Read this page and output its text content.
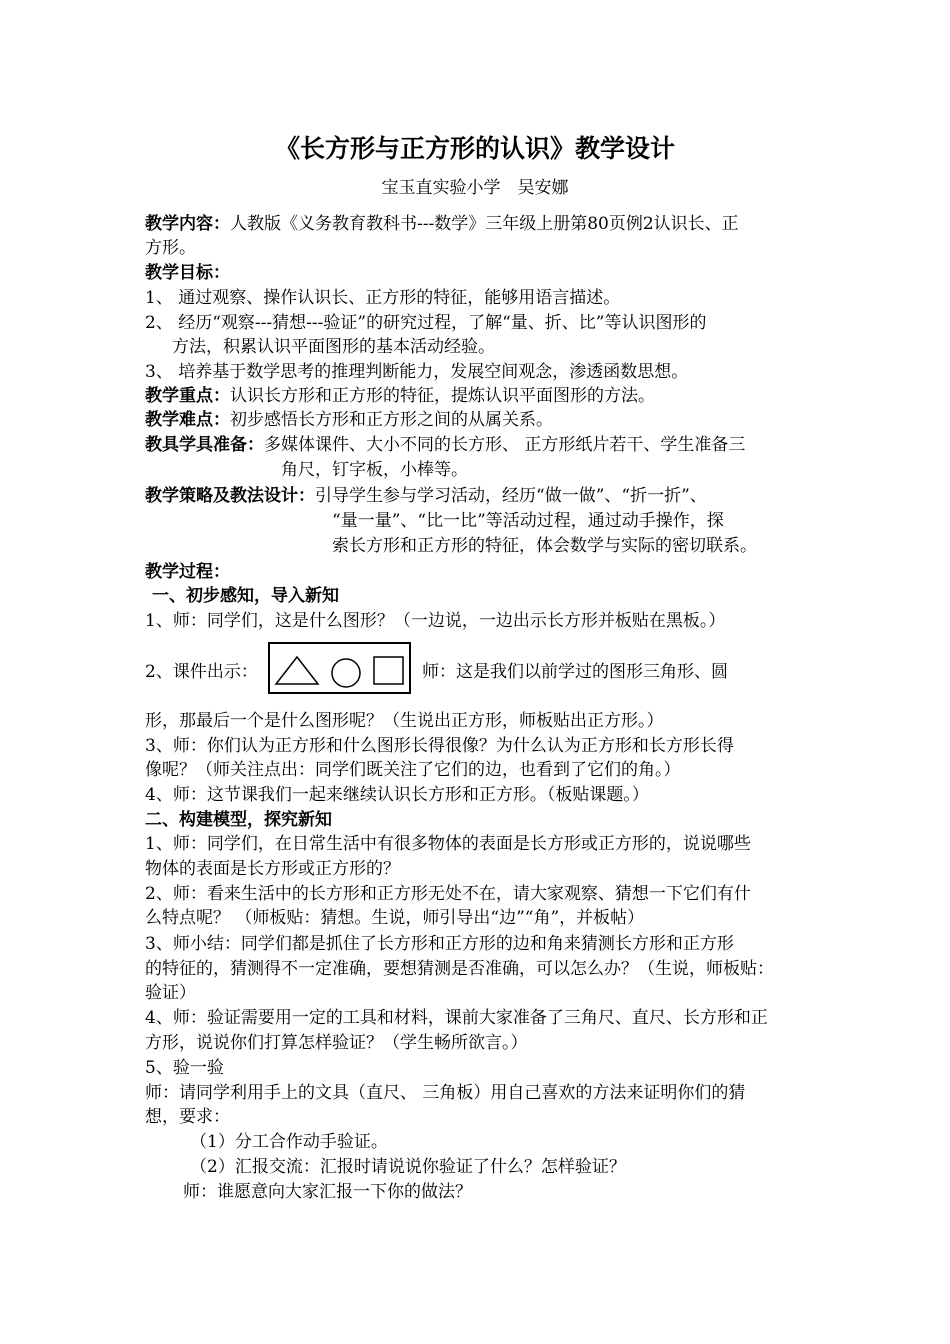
《长方形与正方形的认识》教学设计
宝玉直实验小学　吴安娜
教学内容：人教版《义务教育教科书---数学》三年级上册第80页例2认识长、正
方形。
教学目标：
1、 通过观察、操作认识长、正方形的特征，能够用语言描述。
2、 经历“观察---猜想---验证”的研究过程，了解“量、折、比”等认识图形的
方法，积累认识平面图形的基本活动经验。
3、 培养基于数学思考的推理判断能力，发展空间观念，渗透函数思想。
教学重点：认识长方形和正方形的特征，提炼认识平面图形的方法。
教学难点：初步感悟长方形和正方形之间的从属关系。
教具学具准备：多媒体课件、大小不同的长方形、 正方形纸片若干、学生准备三
角尺，钉字板，小棒等。
教学策略及教法设计：引导学生参与学习活动，经历“做一做”、“折一折”、
“量一量”、“比一比”等活动过程，通过动手操作，探
索长方形和正方形的特征，体会数学与实际的密切联系。
教学过程：
一、初步感知，导入新知
1、师：同学们，这是什么图形？（一边说，一边出示长方形并板贴在黑板。）
2、课件出示：	师：这是我们以前学过的图形三角形、圆
形，那最后一个是什么图形呢？（生说出正方形，师板贴出正方形。）
3、师：你们认为正方形和什么图形长得很像？为什么认为正方形和长方形长得
像呢？（师关注点出：同学们既关注了它们的边，也看到了它们的角。）
4、师：这节课我们一起来继续认识长方形和正方形。（板贴课题。）
二、构建模型，探究新知
1、师：同学们，在日常生活中有很多物体的表面是长方形或正方形的，说说哪些
物体的表面是长方形或正方形的？
2、师：看来生活中的长方形和正方形无处不在，请大家观察、猜想一下它们有什
么特点呢？ （师板贴：猜想。生说，师引导出“边”“角”，并板帖）
3、师小结：同学们都是抓住了长方形和正方形的边和角来猜测长方形和正方形
的特征的，猜测得不一定准确，要想猜测是否准确，可以怎么办？（生说，师板贴：
验证）
4、师：验证需要用一定的工具和材料，课前大家准备了三角尺、直尺、长方形和正
方形，说说你们打算怎样验证？（学生畅所欲言。）
5、验一验
师：请同学利用手上的文具（直尺、 三角板）用自己喜欢的方法来证明你们的猜
想，要求：
（1）分工合作动手验证。
（2）汇报交流：汇报时请说说你验证了什么？怎样验证？
师：谁愿意向大家汇报一下你的做法？
